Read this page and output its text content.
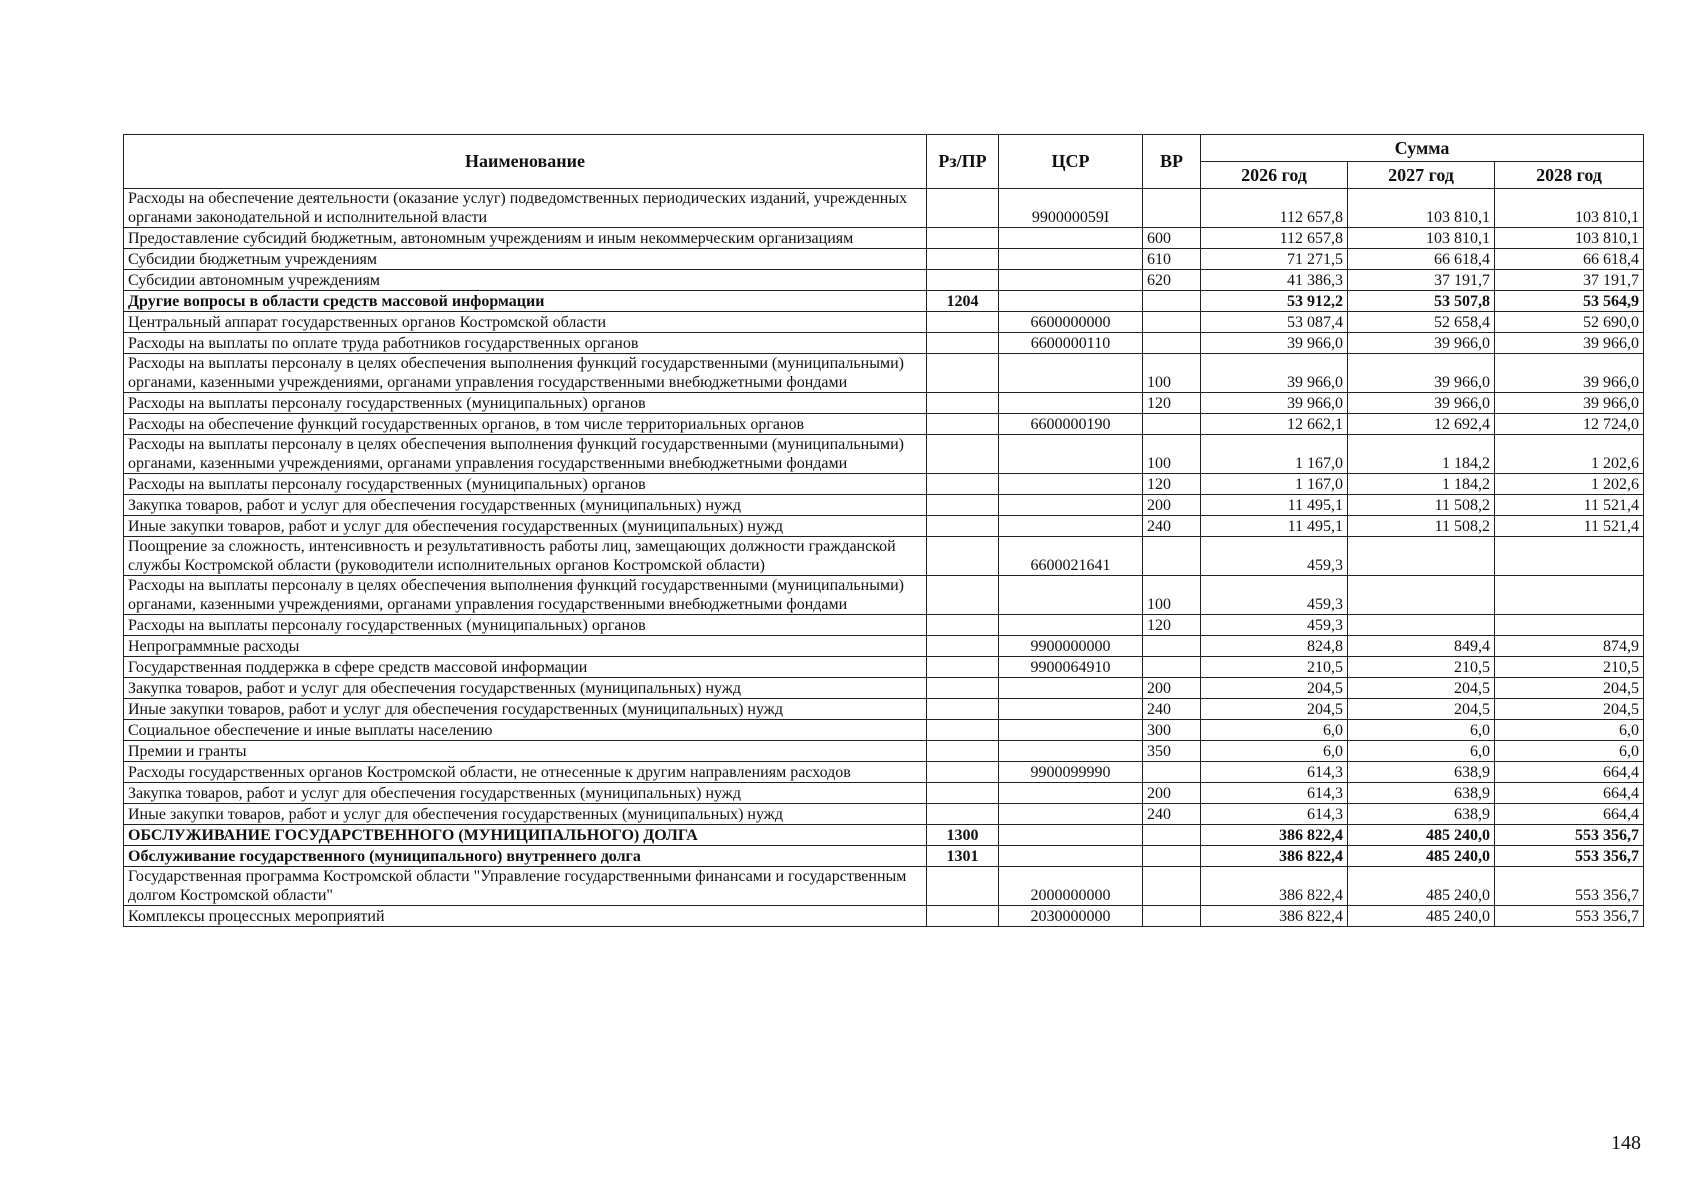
Наименование	Рз/ПР	ЦСР	ВР	Сумма		
				2026 год	2027 год	2028 год
Расходы на обеспечение деятельности (оказание услуг) подведомственных периодических изданий, учрежденных органами законодательной и исполнительной власти		990000059I		112 657,8	103 810,1	103 810,1
Предоставление субсидий бюджетным, автономным учреждениям и иным некоммерческим организациям			600	112 657,8	103 810,1	103 810,1
Субсидии бюджетным учреждениям			610	71 271,5	66 618,4	66 618,4
Субсидии автономным учреждениям			620	41 386,3	37 191,7	37 191,7
Другие вопросы в области средств массовой информации	1204			53 912,2	53 507,8	53 564,9
Центральный аппарат государственных органов Костромской области		6600000000		53 087,4	52 658,4	52 690,0
Расходы на выплаты по оплате труда работников государственных органов		6600000110		39 966,0	39 966,0	39 966,0
Расходы на выплаты персоналу в целях обеспечения выполнения функций государственными (муниципальными) органами, казенными учреждениями, органами управления государственными внебюджетными фондами			100	39 966,0	39 966,0	39 966,0
Расходы на выплаты персоналу государственных (муниципальных) органов			120	39 966,0	39 966,0	39 966,0
Расходы на обеспечение функций государственных органов, в том числе территориальных органов		6600000190		12 662,1	12 692,4	12 724,0
Расходы на выплаты персоналу в целях обеспечения выполнения функций государственными (муниципальными) органами, казенными учреждениями, органами управления государственными внебюджетными фондами			100	1 167,0	1 184,2	1 202,6
Расходы на выплаты персоналу государственных (муниципальных) органов			120	1 167,0	1 184,2	1 202,6
Закупка товаров, работ и услуг для обеспечения государственных (муниципальных) нужд			200	11 495,1	11 508,2	11 521,4
Иные закупки товаров, работ и услуг для обеспечения государственных (муниципальных) нужд			240	11 495,1	11 508,2	11 521,4
Поощрение за сложность, интенсивность и результативность работы лиц, замещающих должности гражданской службы Костромской области (руководители исполнительных органов Костромской области)		6600021641		459,3		
Расходы на выплаты персоналу в целях обеспечения выполнения функций государственными (муниципальными) органами, казенными учреждениями, органами управления государственными внебюджетными фондами			100	459,3		
Расходы на выплаты персоналу государственных (муниципальных) органов			120	459,3		
Непрограммные расходы		9900000000		824,8	849,4	874,9
Государственная поддержка в сфере средств массовой информации		9900064910		210,5	210,5	210,5
Закупка товаров, работ и услуг для обеспечения государственных (муниципальных) нужд			200	204,5	204,5	204,5
Иные закупки товаров, работ и услуг для обеспечения государственных (муниципальных) нужд			240	204,5	204,5	204,5
Социальное обеспечение и иные выплаты населению			300	6,0	6,0	6,0
Премии и гранты			350	6,0	6,0	6,0
Расходы государственных органов Костромской области, не отнесенные к другим направлениям расходов		9900099990		614,3	638,9	664,4
Закупка товаров, работ и услуг для обеспечения государственных (муниципальных) нужд			200	614,3	638,9	664,4
Иные закупки товаров, работ и услуг для обеспечения государственных (муниципальных) нужд			240	614,3	638,9	664,4
ОБСЛУЖИВАНИЕ ГОСУДАРСТВЕННОГО (МУНИЦИПАЛЬНОГО) ДОЛГА	1300			386 822,4	485 240,0	553 356,7
Обслуживание государственного (муниципального) внутреннего долга	1301			386 822,4	485 240,0	553 356,7
Государственная программа Костромской области "Управление государственными финансами и государственным долгом Костромской области"		2000000000		386 822,4	485 240,0	553 356,7
Комплексы процессных мероприятий		2030000000		386 822,4	485 240,0	553 356,7
148
